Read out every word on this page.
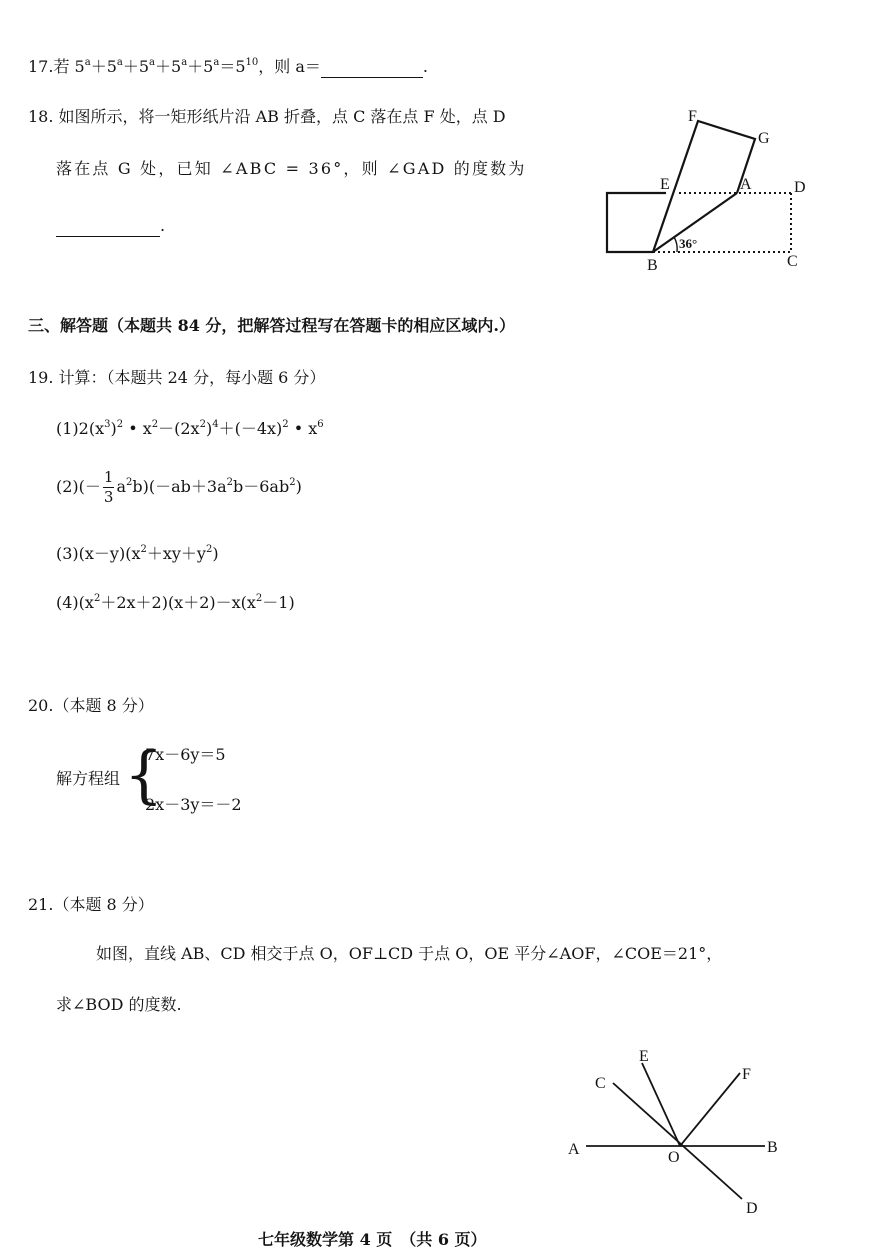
17.若 $5^a+5^a+5^a+5^a+5^a=5^{10}$，则 a＝	.
18. 如图所示，将一矩形纸片沿 AB 折叠，点 C 落在点 F 处，点 D
落在点 G 处，已知 ∠ABC = 36°，则 ∠GAD 的度数为
.
F
G
E	A	D
B	C
36°
三、解答题（本题共 84 分，把解答过程写在答题卡的相应区域内.）
19. 计算：（本题共 24 分，每小题 6 分）
$(1)2(x^3)^2$ • $x^2-(2x^2)^4+(-4x)^2$ • $x^6$
$(2)(- \frac{1}{3} a^2b)(-ab+3a^2b-6ab^2)$
$(3)(x-y)(x^2+xy+y^2)$
$(4)(x^2+2x+2)(x+2)-x(x^2-1)$
20.（本题 8 分）
解方程组 {
7x－6y＝5
2x－3y＝－2
21.（本题 8 分）
如图，直线 AB、CD 相交于点 O，OF⊥CD 于点 O，OE 平分∠AOF，∠COE＝21°，
求∠BOD 的度数.
A	B
C
D
E
F
O
七年级数学第 4 页　（共 6 页）
